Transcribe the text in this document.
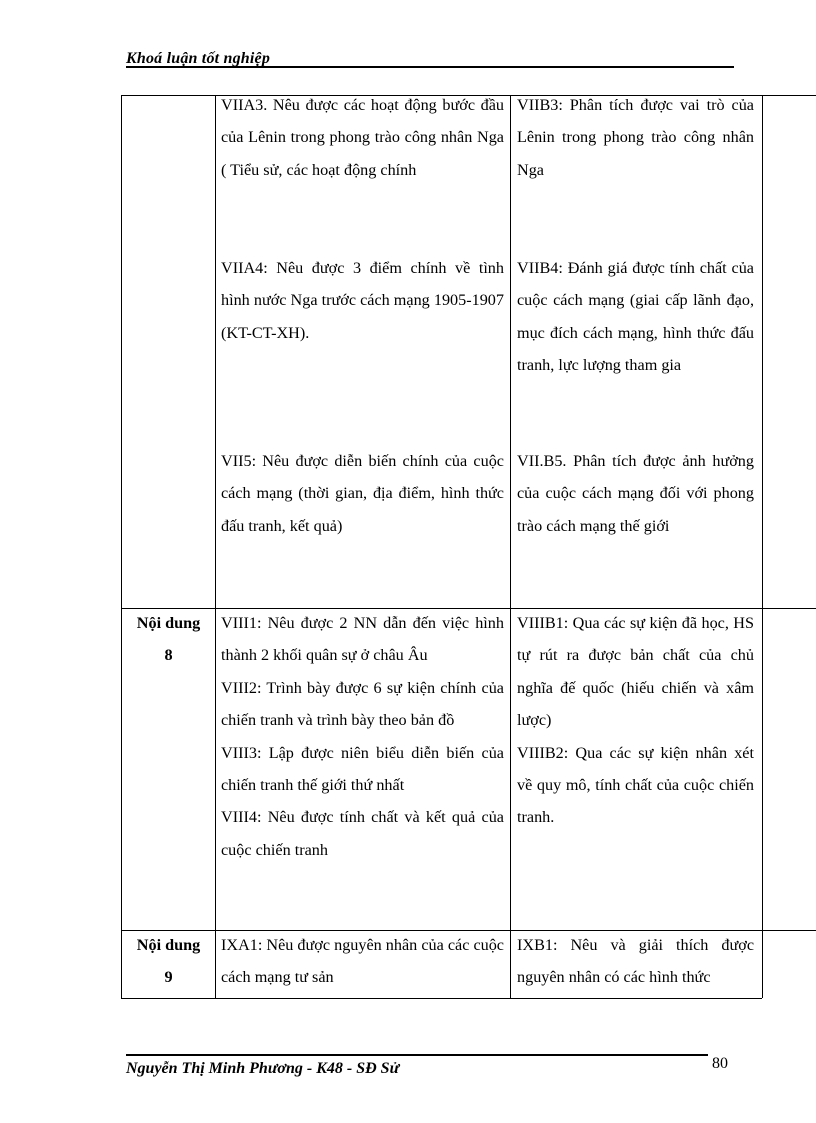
Khoá luận tốt nghiệp

VIIA3. Nêu được các hoạt động bước đầu của Lênin trong phong trào công nhân Nga ( Tiểu sử, các hoạt động chính

VIIA4: Nêu được 3 điểm chính về tình hình nước Nga trước cách mạng 1905-1907 (KT-CT-XH).

VII5: Nêu được diễn biến chính của cuộc cách mạng (thời gian, địa điểm, hình thức đấu tranh, kết quả)

VIIB3: Phân tích được vai trò của Lênin trong phong trào công nhân Nga

VIIB4: Đánh giá được tính chất của cuộc cách mạng (giai cấp lãnh đạo, mục đích cách mạng, hình thức đấu tranh, lực lượng tham gia

VII.B5. Phân tích được ảnh hưởng của cuộc cách mạng đối với phong trào cách mạng thế giới

Nội dung
8

VIII1: Nêu được 2 NN dẫn đến việc hình thành 2 khối quân sự ở châu Âu

VIII2: Trình bày được 6 sự kiện chính của chiến tranh và trình bày theo bản đồ

VIII3: Lập được niên biểu diễn biến của chiến tranh thế giới thứ nhất

VIII4: Nêu được tính chất và kết quả của cuộc chiến tranh

VIIIB1: Qua các sự kiện đã học, HS tự rút ra được bản chất của chủ nghĩa đế quốc (hiếu chiến và xâm lược)

VIIIB2: Qua các sự kiện nhân xét về quy mô, tính chất của cuộc chiến tranh.

Nội dung
9

IXA1: Nêu được nguyên nhân của các cuộc cách mạng tư sản

IXB1: Nêu và giải thích được nguyên nhân có các hình thức

Nguyễn Thị Minh Phương - K48 - SĐ Sử	80
